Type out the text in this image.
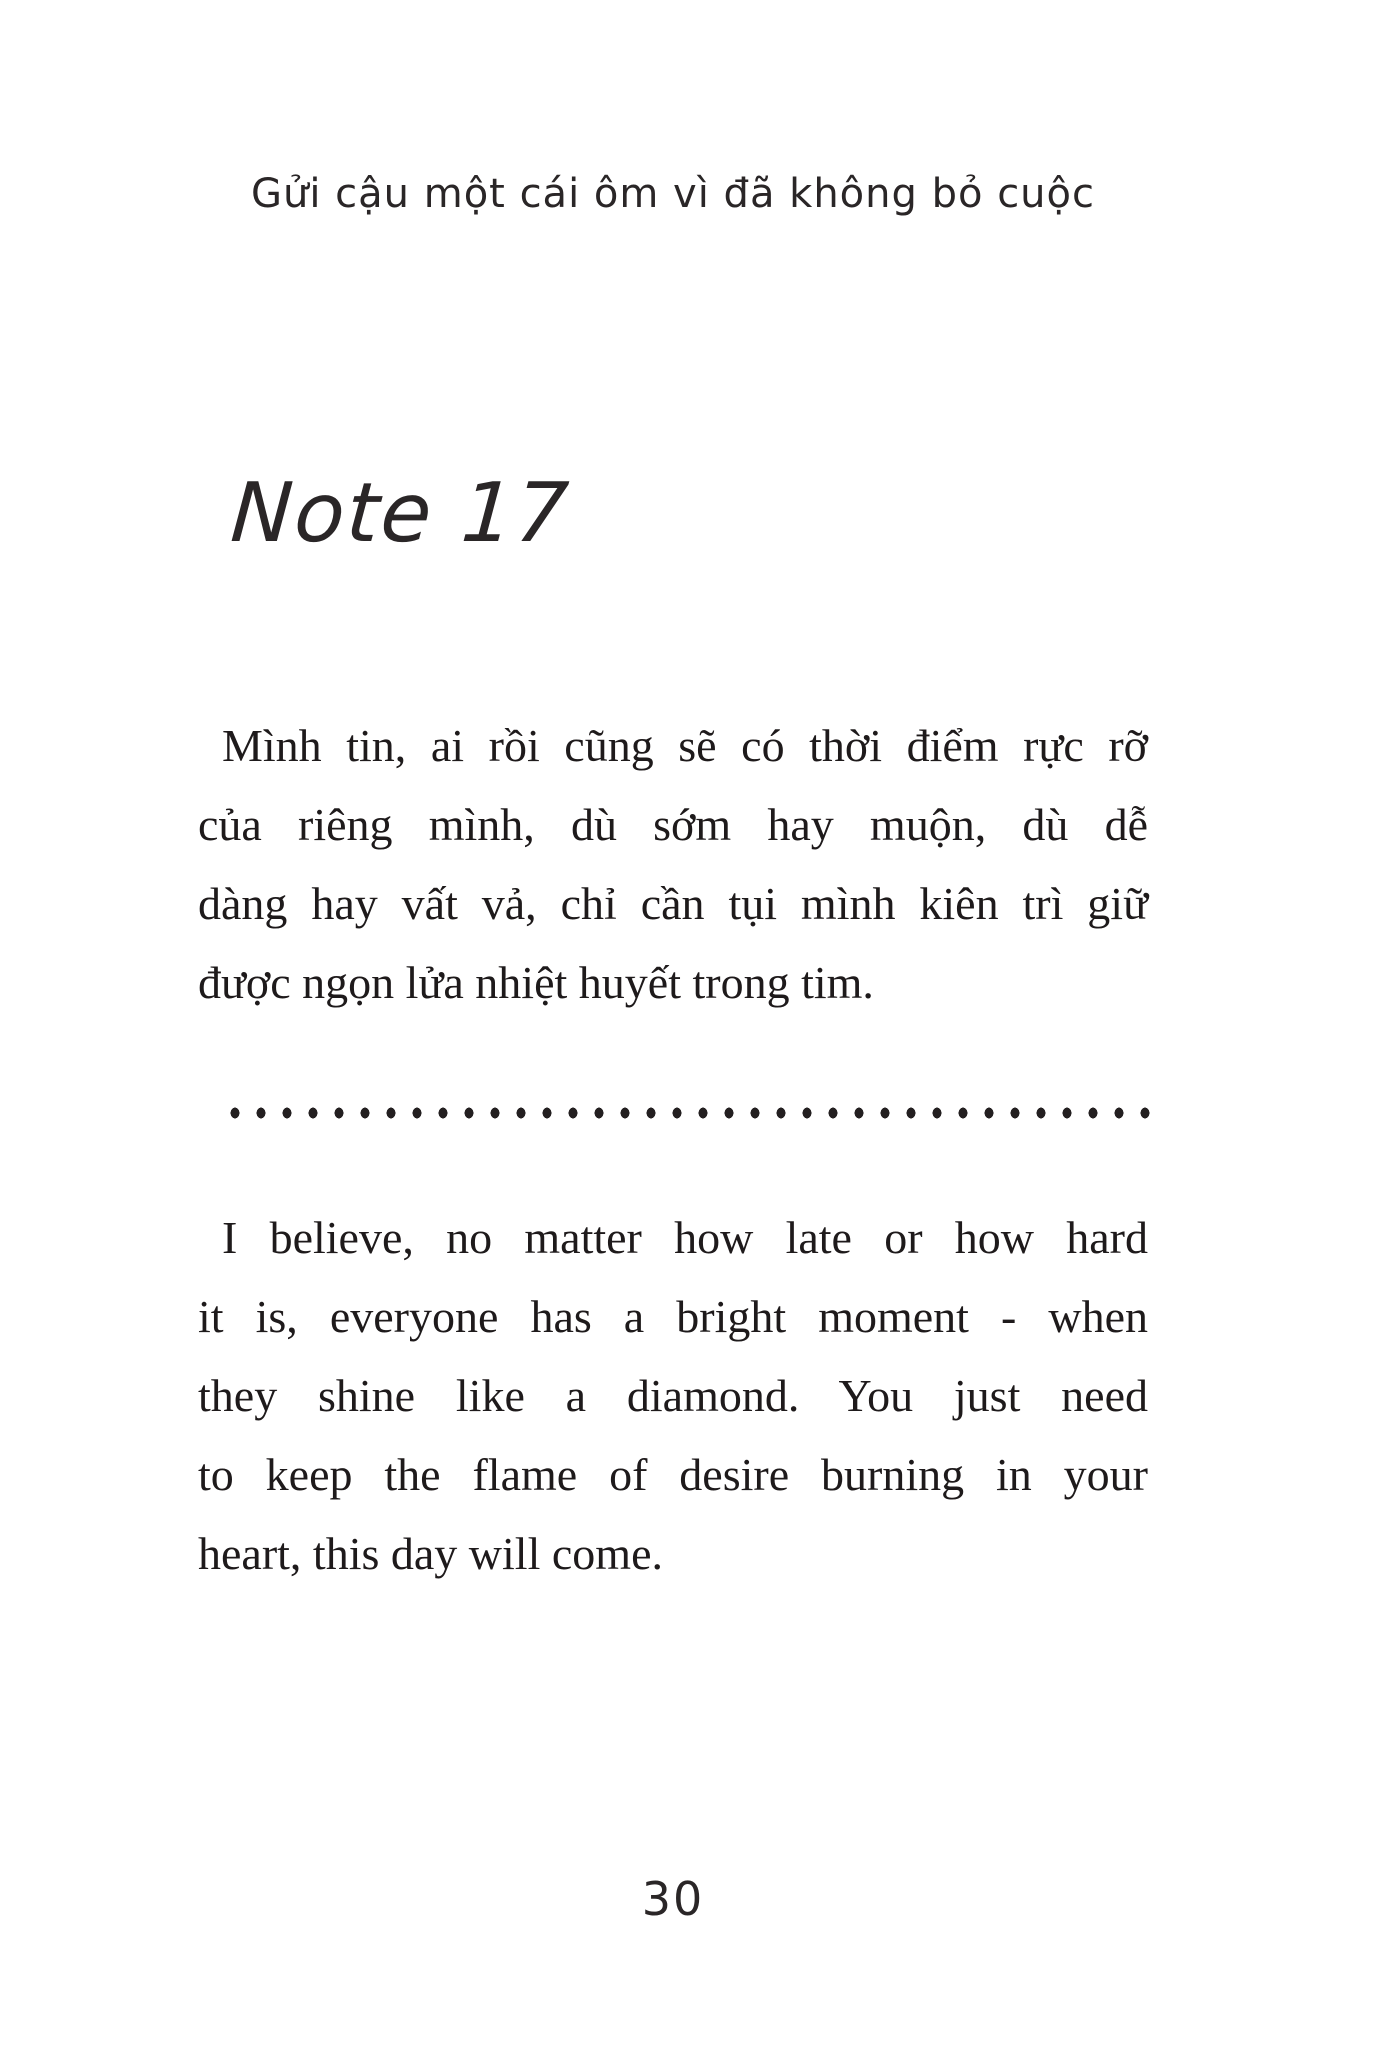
Gửi cậu một cái ôm vì đã không bỏ cuộc
Note 17
Mình tin, ai rồi cũng sẽ có thời điểm rực rỡ
của riêng mình, dù sớm hay muộn, dù dễ
dàng hay vất vả, chỉ cần tụi mình kiên trì giữ
được ngọn lửa nhiệt huyết trong tim.
I believe, no matter how late or how hard
it is, everyone has a bright moment - when
they shine like a diamond. You just need
to keep the flame of desire burning in your
heart, this day will come.
30
